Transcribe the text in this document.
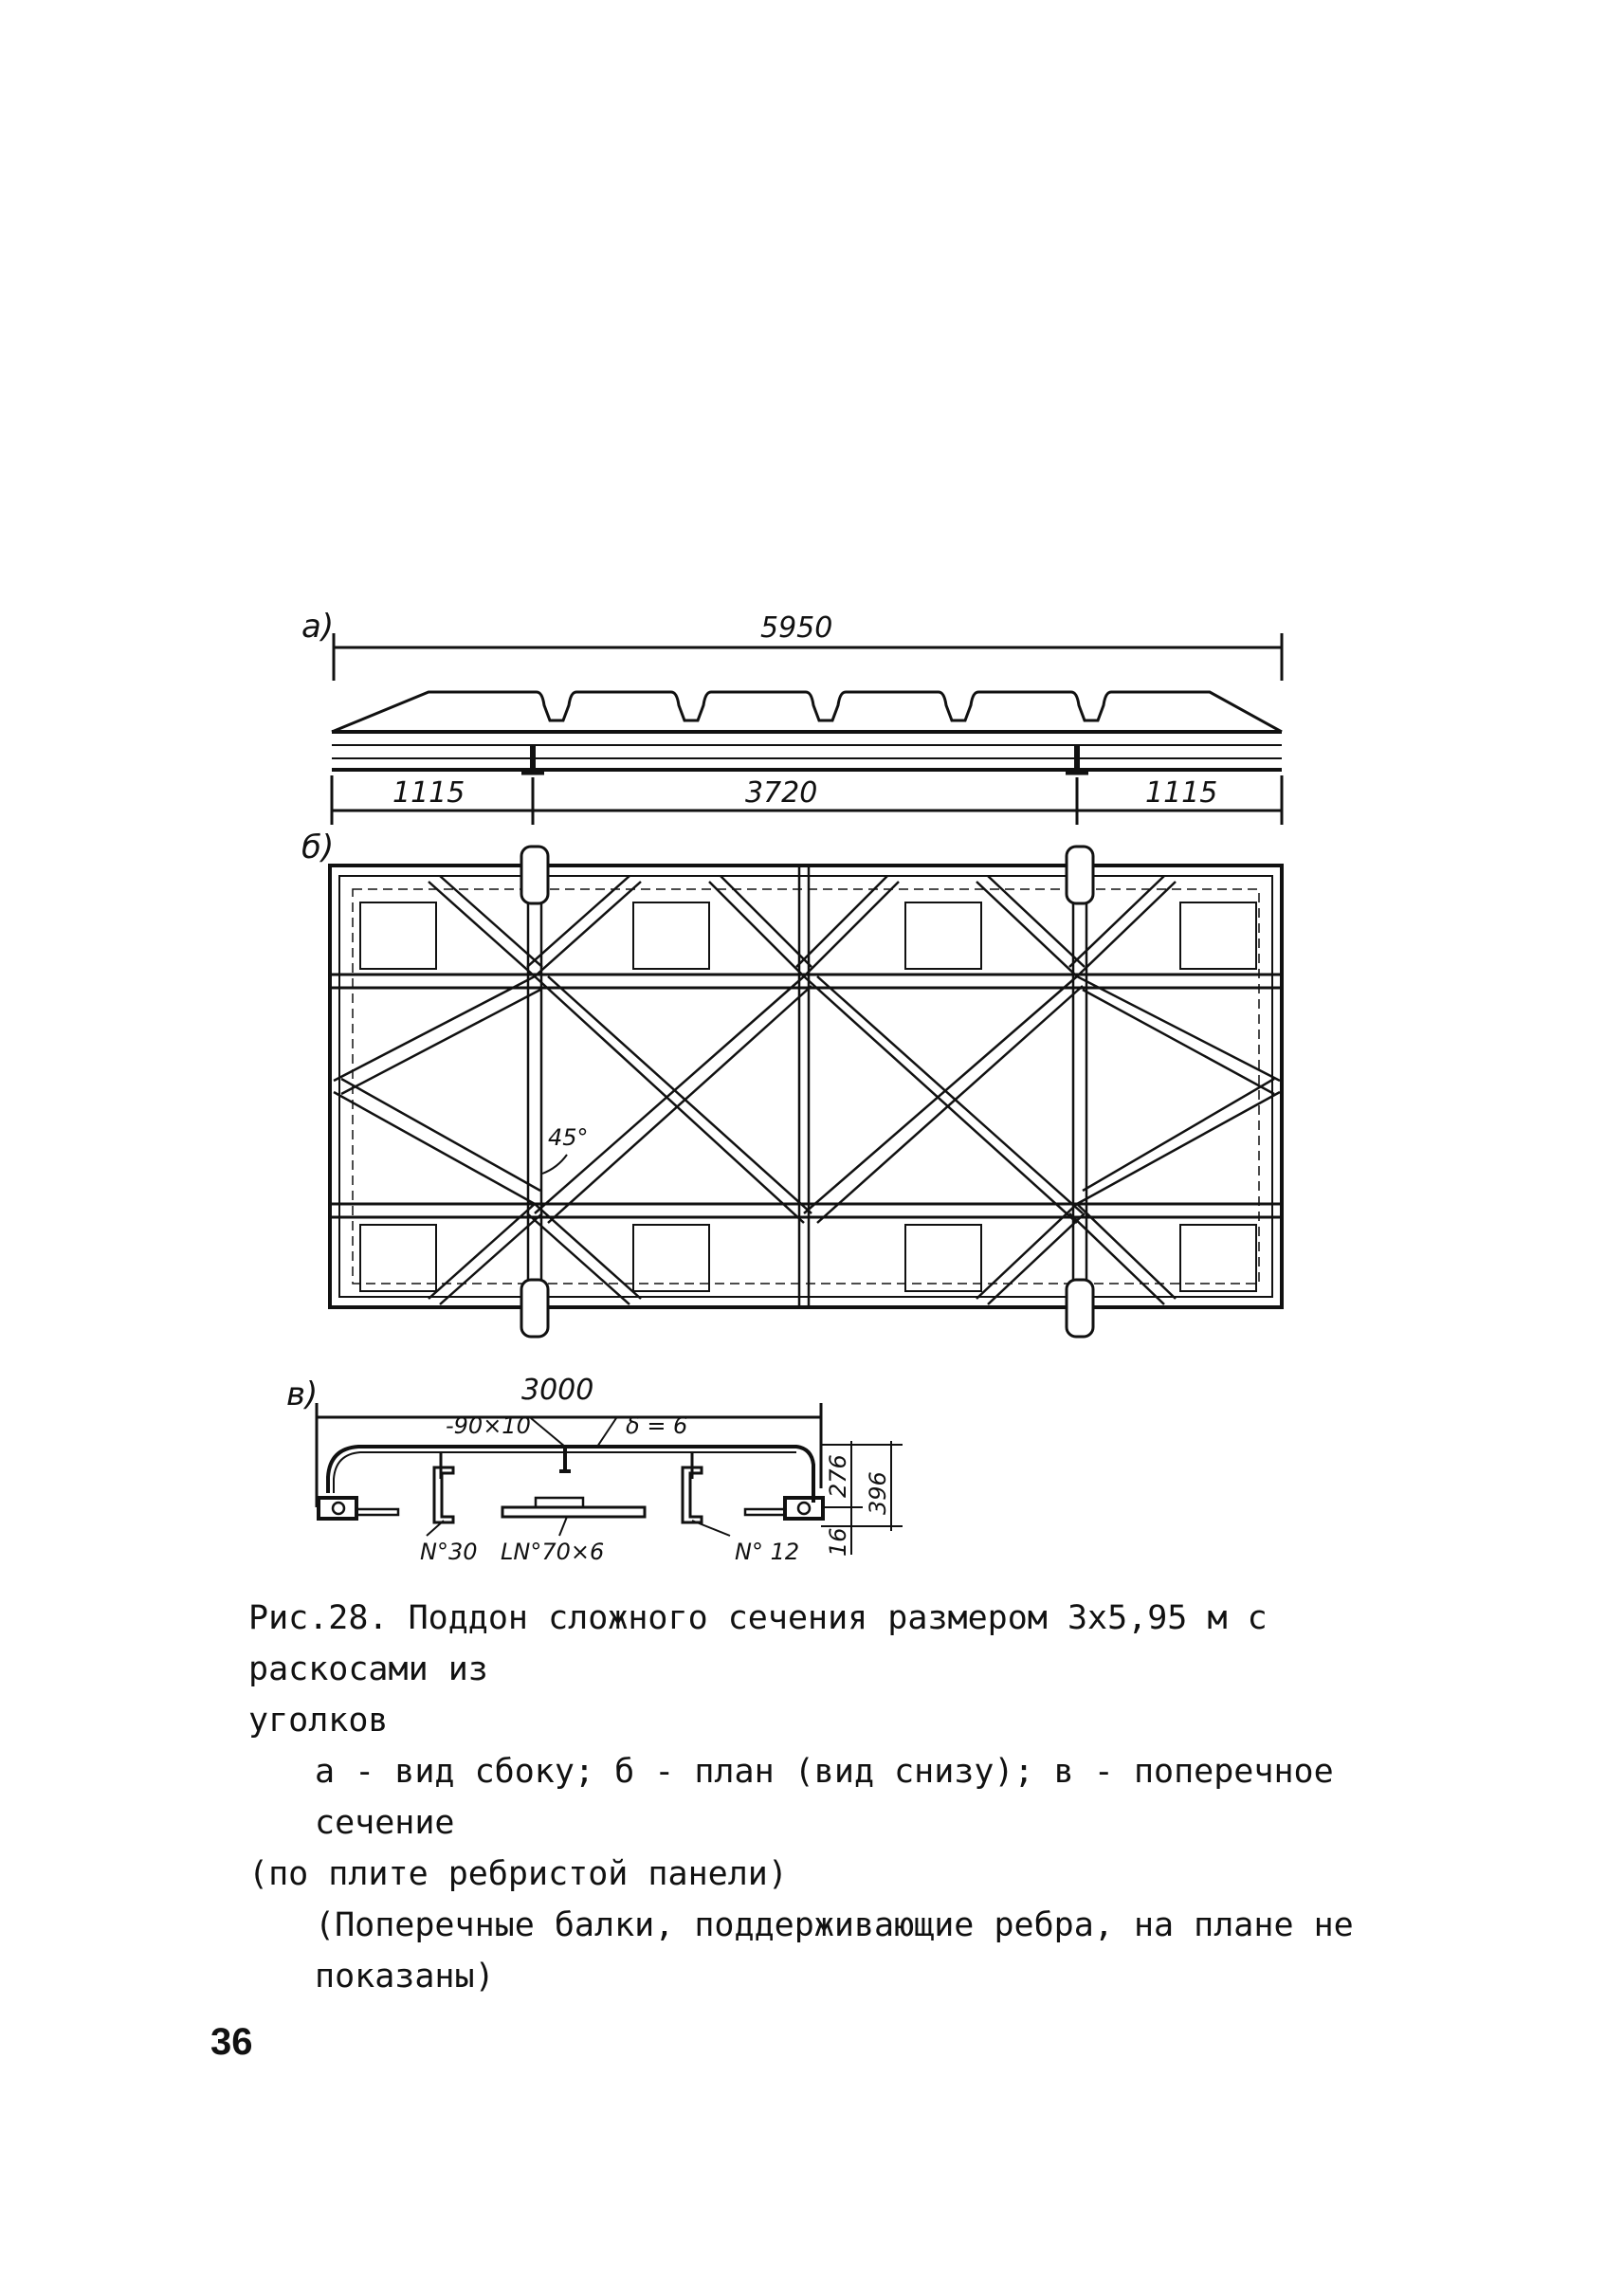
а)	5950
1115	3720	1115
б)
45°
в)	3000
-90×10	δ = 6
N°30 LN°70×6	N° 12
276 396
16

Рис.28. Поддон сложного сечения размером 3х5,95 м с раскосами из

уголков

а - вид сбоку; б - план (вид снизу); в - поперечное сечение

(по плите ребристой панели)

(Поперечные балки, поддерживающие ребра, на плане не показаны)

36
